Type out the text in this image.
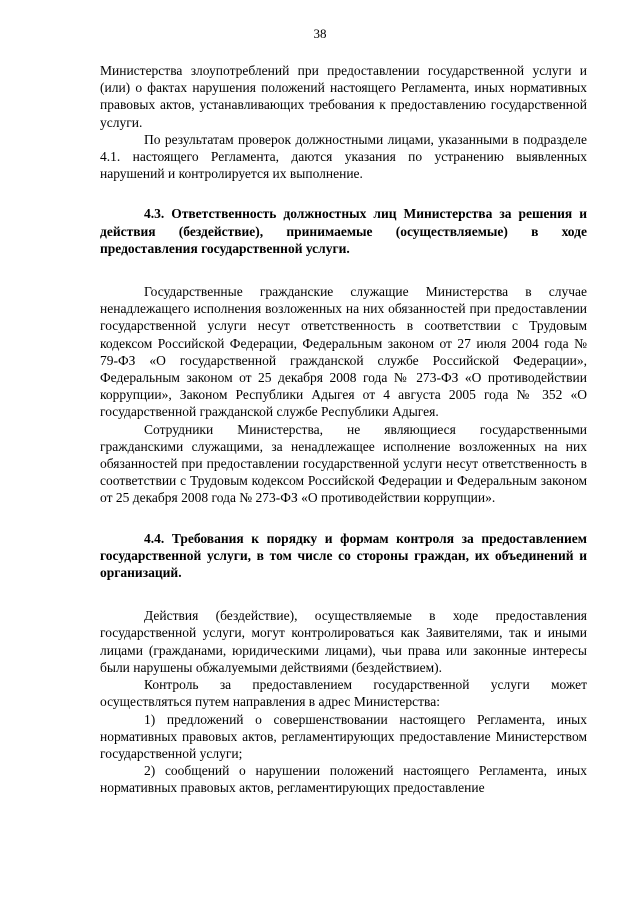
38

Министерства злоупотреблений при предоставлении государственной услуги и (или) о фактах нарушения положений настоящего Регламента, иных нормативных правовых актов, устанавливающих требования к предоставлению государственной услуги.

По результатам проверок должностными лицами, указанными в подразделе 4.1. настоящего Регламента, даются указания по устранению выявленных нарушений и контролируется их выполнение.

4.3. Ответственность должностных лиц Министерства за решения и действия (бездействие), принимаемые (осуществляемые) в ходе предоставления государственной услуги.

Государственные гражданские служащие Министерства в случае ненадлежащего исполнения возложенных на них обязанностей при предоставлении государственной услуги несут ответственность в соответствии с Трудовым кодексом Российской Федерации, Федеральным законом от 27 июля 2004 года № 79-ФЗ «О государственной гражданской службе Российской Федерации», Федеральным законом от 25 декабря 2008 года № 273-ФЗ «О противодействии коррупции», Законом Республики Адыгея от 4 августа 2005 года № 352 «О государственной гражданской службе Республики Адыгея.

Сотрудники Министерства, не являющиеся государственными гражданскими служащими, за ненадлежащее исполнение возложенных на них обязанностей при предоставлении государственной услуги несут ответственность в соответствии с Трудовым кодексом Российской Федерации и Федеральным законом от 25 декабря 2008 года № 273-ФЗ «О противодействии коррупции».

4.4. Требования к порядку и формам контроля за предоставлением государственной услуги, в том числе со стороны граждан, их объединений и организаций.

Действия (бездействие), осуществляемые в ходе предоставления государственной услуги, могут контролироваться как Заявителями, так и иными лицами (гражданами, юридическими лицами), чьи права или законные интересы были нарушены обжалуемыми действиями (бездействием).

Контроль за предоставлением государственной услуги может осуществляться путем направления в адрес Министерства:

1) предложений о совершенствовании настоящего Регламента, иных нормативных правовых актов, регламентирующих предоставление Министерством государственной услуги;

2) сообщений о нарушении положений настоящего Регламента, иных нормативных правовых актов, регламентирующих предоставление
